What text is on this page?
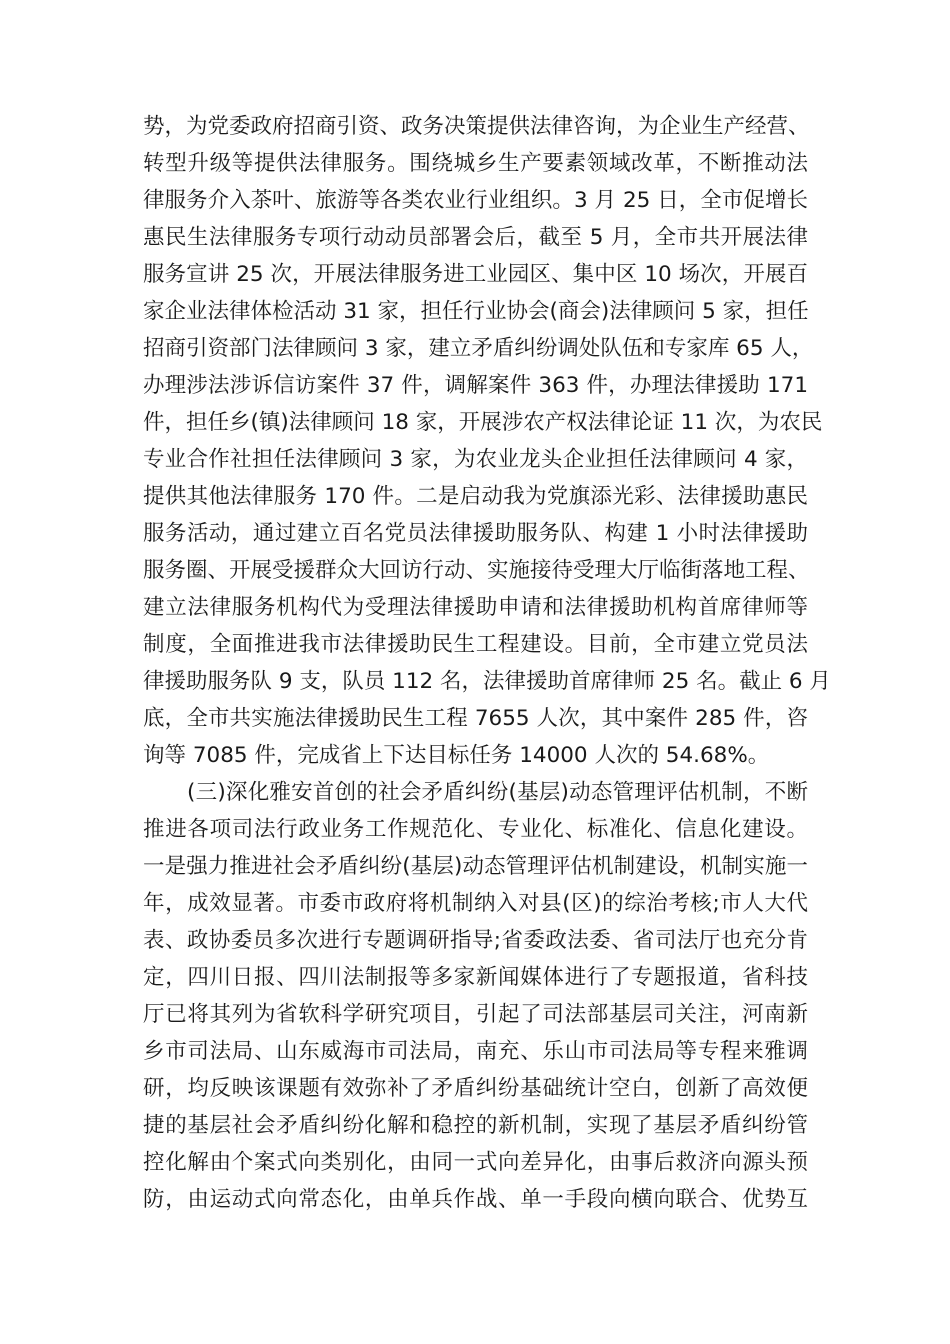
势，为党委政府招商引资、政务决策提供法律咨询，为企业生产经营、
转型升级等提供法律服务。围绕城乡生产要素领域改革，不断推动法
律服务介入茶叶、旅游等各类农业行业组织。3 月 25 日，全市促增长
惠民生法律服务专项行动动员部署会后，截至 5 月，全市共开展法律
服务宣讲 25 次，开展法律服务进工业园区、集中区 10 场次，开展百
家企业法律体检活动 31 家，担任行业协会(商会)法律顾问 5 家，担任
招商引资部门法律顾问 3 家，建立矛盾纠纷调处队伍和专家库 65 人，
办理涉法涉诉信访案件 37 件，调解案件 363 件，办理法律援助 171
件，担任乡(镇)法律顾问 18 家，开展涉农产权法律论证 11 次，为农民
专业合作社担任法律顾问 3 家，为农业龙头企业担任法律顾问 4 家，
提供其他法律服务 170 件。二是启动我为党旗添光彩、法律援助惠民
服务活动，通过建立百名党员法律援助服务队、构建 1 小时法律援助
服务圈、开展受援群众大回访行动、实施接待受理大厅临街落地工程、
建立法律服务机构代为受理法律援助申请和法律援助机构首席律师等
制度，全面推进我市法律援助民生工程建设。目前，全市建立党员法
律援助服务队 9 支，队员 112 名，法律援助首席律师 25 名。截止 6 月
底，全市共实施法律援助民生工程 7655 人次，其中案件 285 件，咨
询等 7085 件，完成省上下达目标任务 14000 人次的 54.68%。
(三)深化雅安首创的社会矛盾纠纷(基层)动态管理评估机制，不断
推进各项司法行政业务工作规范化、专业化、标准化、信息化建设。
一是强力推进社会矛盾纠纷(基层)动态管理评估机制建设，机制实施一
年，成效显著。市委市政府将机制纳入对县(区)的综治考核;市人大代
表、政协委员多次进行专题调研指导;省委政法委、省司法厅也充分肯
定，四川日报、四川法制报等多家新闻媒体进行了专题报道，省科技
厅已将其列为省软科学研究项目，引起了司法部基层司关注，河南新
乡市司法局、山东威海市司法局，南充、乐山市司法局等专程来雅调
研，均反映该课题有效弥补了矛盾纠纷基础统计空白，创新了高效便
捷的基层社会矛盾纠纷化解和稳控的新机制，实现了基层矛盾纠纷管
控化解由个案式向类别化，由同一式向差异化，由事后救济向源头预
防，由运动式向常态化，由单兵作战、单一手段向横向联合、优势互
